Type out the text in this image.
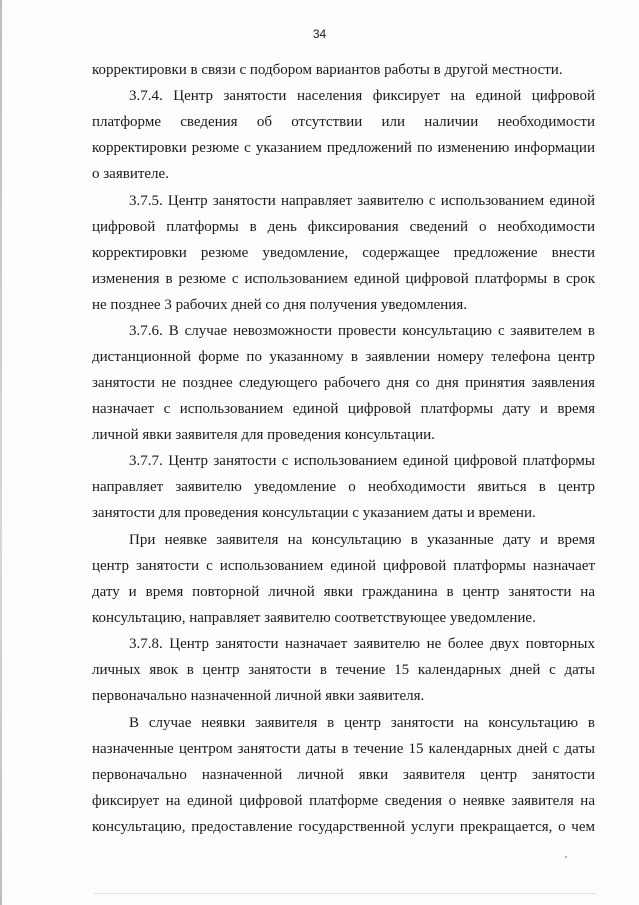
34
корректировки в связи с подбором вариантов работы в другой местности.
3.7.4. Центр занятости населения фиксирует на единой цифровой
платформе сведения об отсутствии или наличии необходимости
корректировки резюме с указанием предложений по изменению информации
о заявителе.
3.7.5. Центр занятости направляет заявителю с использованием единой
цифровой платформы в день фиксирования сведений о необходимости
корректировки резюме уведомление, содержащее предложение внести
изменения в резюме с использованием единой цифровой платформы в срок
не позднее 3 рабочих дней со дня получения уведомления.
3.7.6. В случае невозможности провести консультацию с заявителем в
дистанционной форме по указанному в заявлении номеру телефона центр
занятости не позднее следующего рабочего дня со дня принятия заявления
назначает с использованием единой цифровой платформы дату и время
личной явки заявителя для проведения консультации.
3.7.7. Центр занятости с использованием единой цифровой платформы
направляет заявителю уведомление о необходимости явиться в центр
занятости для проведения консультации с указанием даты и времени.
При неявке заявителя на консультацию в указанные дату и время
центр занятости с использованием единой цифровой платформы назначает
дату и время повторной личной явки гражданина в центр занятости на
консультацию, направляет заявителю соответствующее уведомление.
3.7.8. Центр занятости назначает заявителю не более двух повторных
личных явок в центр занятости в течение 15 календарных дней с даты
первоначально назначенной личной явки заявителя.
В случае неявки заявителя в центр занятости на консультацию в
назначенные центром занятости даты в течение 15 календарных дней с даты
первоначально назначенной личной явки заявителя центр занятости
фиксирует на единой цифровой платформе сведения о неявке заявителя на
консультацию, предоставление государственной услуги прекращается, о чем
